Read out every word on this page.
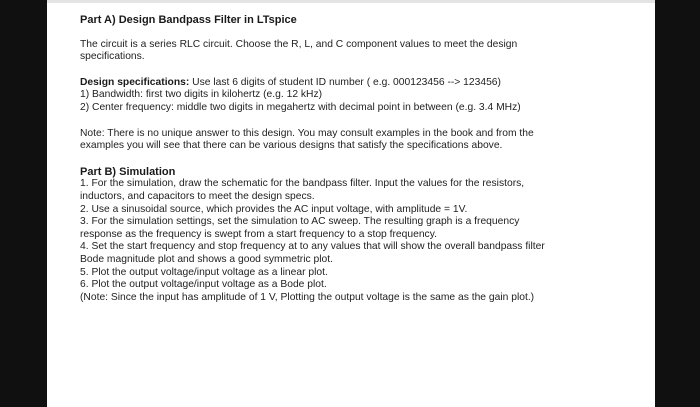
Part A) Design Bandpass Filter in LTspice
The circuit is a series RLC circuit. Choose the R, L, and C component values to meet the design specifications.
Design specifications: Use last 6 digits of student ID number ( e.g. 000123456 --> 123456)
1) Bandwidth: first two digits in kilohertz (e.g. 12 kHz)
2) Center frequency: middle two digits in megahertz with decimal point in between (e.g. 3.4 MHz)
Note: There is no unique answer to this design. You may consult examples in the book and from the examples you will see that there can be various designs that satisfy the specifications above.
Part B) Simulation
1. For the simulation, draw the schematic for the bandpass filter. Input the values for the resistors, inductors, and capacitors to meet the design specs.
2. Use a sinusoidal source, which provides the AC input voltage, with amplitude = 1V.
3. For the simulation settings, set the simulation to AC sweep. The resulting graph is a frequency response as the frequency is swept from a start frequency to a stop frequency.
4. Set the start frequency and stop frequency at to any values that will show the overall bandpass filter Bode magnitude plot and shows a good symmetric plot.
5. Plot the output voltage/input voltage as a linear plot.
6. Plot the output voltage/input voltage as a Bode plot.
(Note: Since the input has amplitude of 1 V, Plotting the output voltage is the same as the gain plot.)
